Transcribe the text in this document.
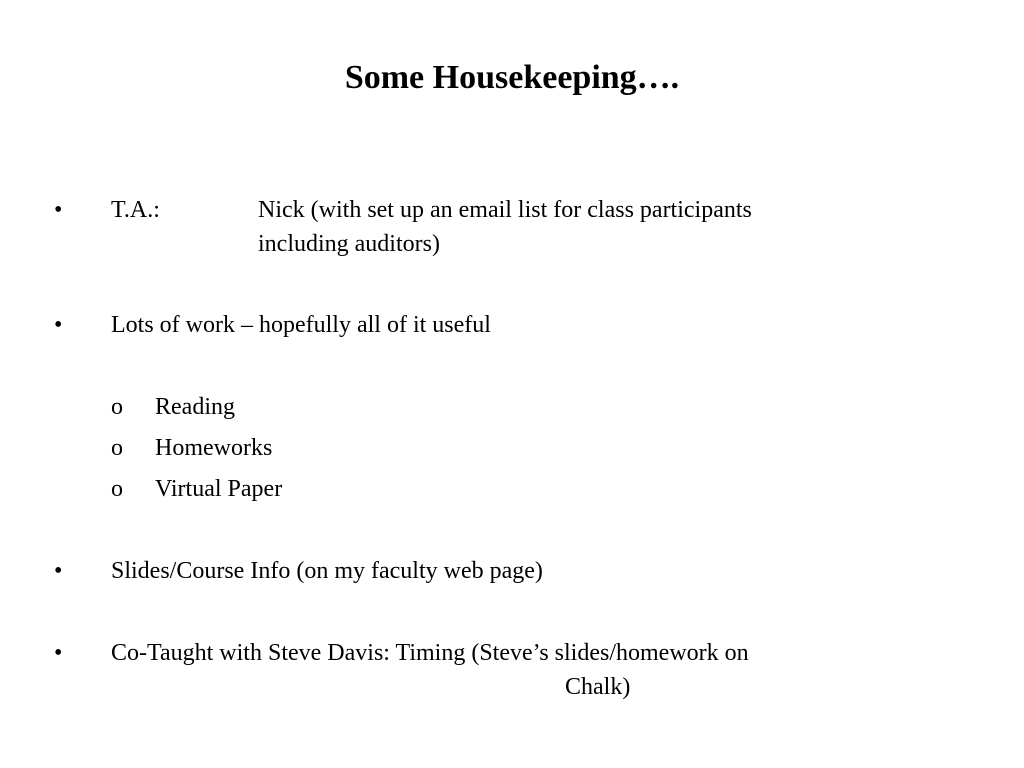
Some Housekeeping….
• T.A.:	Nick (with set up an email list for class participants
including auditors)
• Lots of work – hopefully all of it useful
o Reading
o Homeworks
o Virtual Paper
• Slides/Course Info (on my faculty web page)
• Co-Taught with Steve Davis: Timing (Steve’s slides/homework on
Chalk)
